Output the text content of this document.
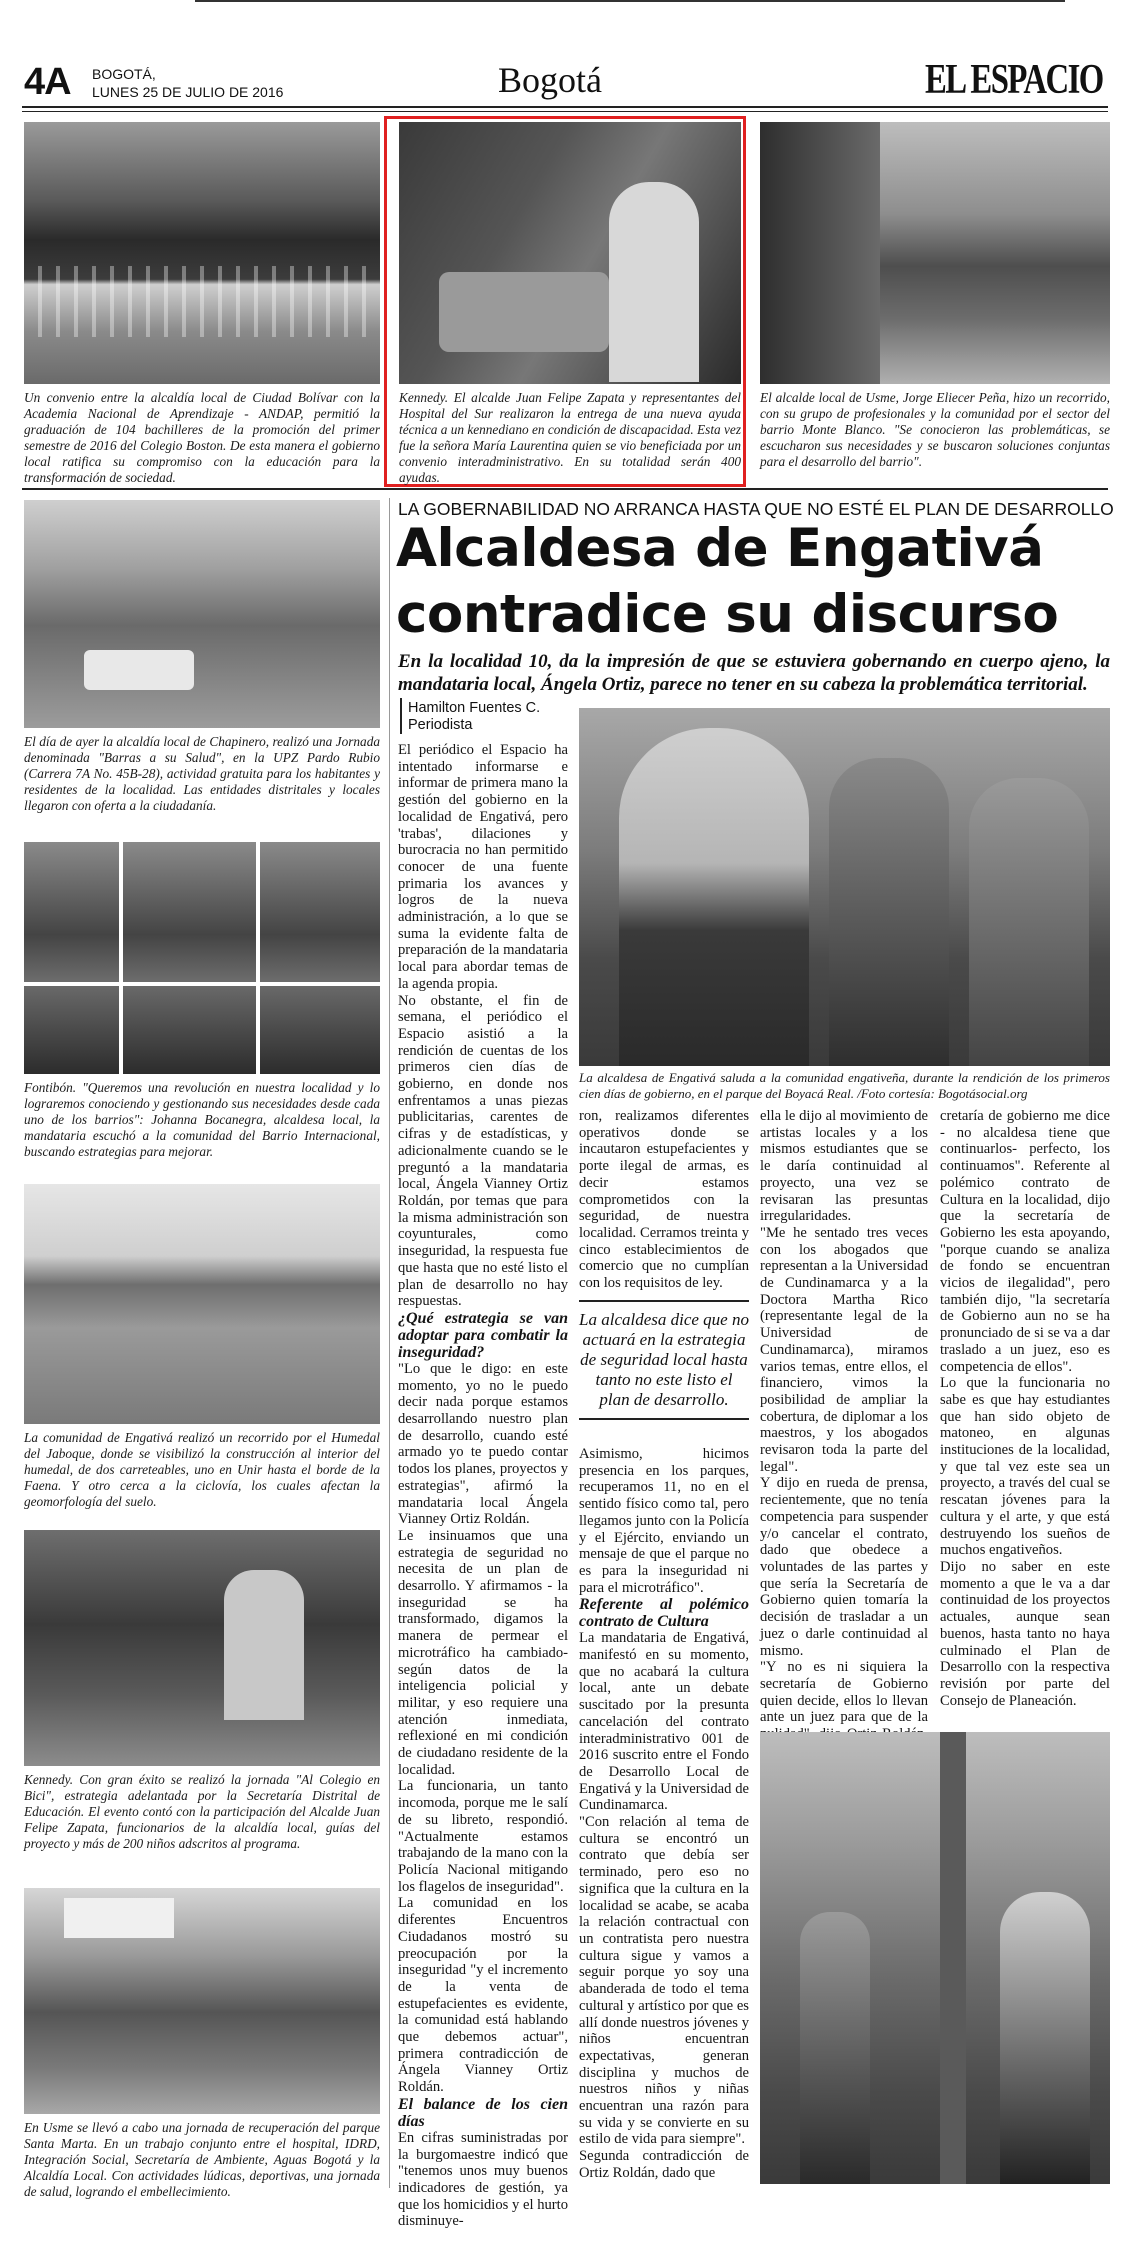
4A BOGOTÁ,
LUNES 25 DE JULIO DE 2016	Bogotá	EL ESPACIO

Un convenio entre la alcaldía local de Ciudad Bolívar con la Academia Nacional de Aprendizaje - ANDAP, permitió la graduación de 104 bachilleres de la promoción del primer semestre de 2016 del Colegio Boston. De esta manera el gobierno local ratifica su compromiso con la educación para la transformación de sociedad.

Kennedy. El alcalde Juan Felipe Zapata y representantes del Hospital del Sur realizaron la entrega de una nueva ayuda técnica a un kennediano en condición de discapacidad. Esta vez fue la señora María Laurentina quien se vio beneficiada por un convenio interadministrativo. En su totalidad serán 400 ayudas.

El alcalde local de Usme, Jorge Eliecer Peña, hizo un recorrido, con su grupo de profesionales y la comunidad por el sector del barrio Monte Blanco. "Se conocieron las problemáticas, se escucharon sus necesidades y se buscaron soluciones conjuntas para el desarrollo del barrio".

El día de ayer la alcaldía local de Chapinero, realizó una Jornada denominada "Barras a su Salud", en la UPZ Pardo Rubio (Carrera 7A No. 45B-28), actividad gratuita para los habitantes y residentes de la localidad. Las entidades distritales y locales llegaron con oferta a la ciudadanía.

Fontibón. "Queremos una revolución en nuestra localidad y lo lograremos conociendo y gestionando sus necesidades desde cada uno de los barrios": Johanna Bocanegra, alcaldesa local, la mandataria escuchó a la comunidad del Barrio Internacional, buscando estrategias para mejorar.

La comunidad de Engativá realizó un recorrido por el Humedal del Jaboque, donde se visibilizó la construcción al interior del humedal, de dos carreteables, uno en Unir hasta el borde de la Faena. Y otro cerca a la ciclovía, los cuales afectan la geomorfología del suelo.

Kennedy. Con gran éxito se realizó la jornada "Al Colegio en Bici", estrategia adelantada por la Secretaría Distrital de Educación. El evento contó con la participación del Alcalde Juan Felipe Zapata, funcionarios de la alcaldía local, guías del proyecto y más de 200 niños adscritos al programa.

En Usme se llevó a cabo una jornada de recuperación del parque Santa Marta. En un trabajo conjunto entre el hospital, IDRD, Integración Social, Secretaría de Ambiente, Aguas Bogotá y la Alcaldía Local. Con actividades lúdicas, deportivas, una jornada de salud, logrando el embellecimiento.

LA GOBERNABILIDAD NO ARRANCA HASTA QUE NO ESTÉ EL PLAN DE DESARROLLO
Alcaldesa de Engativá
contradice su discurso
En la localidad 10, da la impresión de que se estuviera gobernando en cuerpo ajeno, la mandataria local, Ángela Ortiz, parece no tener en su cabeza la problemática territorial.
Hamilton Fuentes C.
Periodista

La alcaldesa de Engativá saluda a la comunidad engativeña, durante la rendición de los primeros cien días de gobierno, en el parque del Boyacá Real. /Foto cortesía: Bogotásocial.org

El periódico el Espacio ha intentado informarse e informar de primera mano la gestión del gobierno en la localidad de Engativá, pero 'trabas', dilaciones y burocracia no han permitido conocer de una fuente primaria los avances y logros de la nueva administración, a lo que se suma la evidente falta de preparación de la mandataria local para abordar temas de la agenda propia.

No obstante, el fin de semana, el periódico el Espacio asistió a la rendición de cuentas de los primeros cien días de gobierno, en donde nos enfrentamos a unas piezas publicitarias, carentes de cifras y de estadísticas, y adicionalmente cuando se le preguntó a la mandataria local, Ángela Vianney Ortiz Roldán, por temas que para la misma administración son coyunturales, como inseguridad, la respuesta fue que hasta que no esté listo el plan de desarrollo no hay respuestas.

¿Qué estrategia se van adoptar para combatir la inseguridad?

"Lo que le digo: en este momento, yo no le puedo decir nada porque estamos desarrollando nuestro plan de desarrollo, cuando esté armado yo te puedo contar todos los planes, proyectos y estrategias", afirmó la mandataria local Ángela Vianney Ortiz Roldán.

Le insinuamos que una estrategia de seguridad no necesita de un plan de desarrollo. Y afirmamos - la inseguridad se ha transformado, digamos la manera de permear el microtráfico ha cambiado- según datos de la inteligencia policial y militar, y eso requiere una atención inmediata, reflexioné en mi condición de ciudadano residente de la localidad.

La funcionaria, un tanto incomoda, porque me le salí de su libreto, respondió. "Actualmente estamos trabajando de la mano con la Policía Nacional mitigando los flagelos de inseguridad".

La comunidad en los diferentes Encuentros Ciudadanos mostró su preocupación por la inseguridad "y el incremento de la venta de estupefacientes es evidente, la comunidad está hablando que debemos actuar", primera contradicción de Ángela Vianney Ortiz Roldán.

El balance de los cien días

En cifras suministradas por la burgomaestre indicó que "tenemos unos muy buenos indicadores de gestión, ya que los homicidios y el hurto disminuye-

ron, realizamos diferentes operativos donde se incautaron estupefacientes y porte ilegal de armas, es decir estamos comprometidos con la seguridad, de nuestra localidad. Cerramos treinta y cinco establecimientos de comercio que no cumplían con los requisitos de ley.

La alcaldesa dice que no actuará en la estrategia de seguridad local hasta tanto no este listo el plan de desarrollo.

Asimismo, hicimos presencia en los parques, recuperamos 11, no en el sentido físico como tal, pero llegamos junto con la Policía y el Ejército, enviando un mensaje de que el parque no es para la inseguridad ni para el microtráfico".

Referente al polémico contrato de Cultura

La mandataria de Engativá, manifestó en su momento, que no acabará la cultura local, ante un debate suscitado por la presunta cancelación del contrato interadministrativo 001 de 2016 suscrito entre el Fondo de Desarrollo Local de Engativá y la Universidad de Cundinamarca.

"Con relación al tema de cultura se encontró un contrato que debía ser terminado, pero eso no significa que la cultura en la localidad se acabe, se acaba la relación contractual con un contratista pero nuestra cultura sigue y vamos a seguir porque yo soy una abanderada de todo el tema cultural y artístico por que es allí donde nuestros jóvenes y niños encuentran expectativas, generan disciplina y muchos de nuestros niños y niñas encuentran una razón para su vida y se convierte en su estilo de vida para siempre".

Segunda contradicción de Ortiz Roldán, dado que

ella le dijo al movimiento de artistas locales y a los mismos estudiantes que se le daría continuidad al proyecto, una vez se revisaran las presuntas irregularidades.

"Me he sentado tres veces con los abogados que representan a la Universidad de Cundinamarca y a la Doctora Martha Rico (representante legal de la Universidad de Cundinamarca), miramos varios temas, entre ellos, el financiero, vimos la posibilidad de ampliar la cobertura, de diplomar a los maestros, y los abogados revisaron toda la parte del legal".

Y dijo en rueda de prensa, recientemente, que no tenía competencia para suspender y/o cancelar el contrato, dado que obedece a voluntades de las partes y que sería la Secretaría de Gobierno quien tomaría la decisión de trasladar a un juez o darle continuidad al mismo.

"Y no es ni siquiera la secretaría de Gobierno quien decide, ellos lo llevan ante un juez para que de la

cretaría de gobierno me dice - no alcaldesa tiene que continuarlos- perfecto, los continuamos". Referente al polémico contrato de Cultura en la localidad, dijo que la secretaría de Gobierno les esta apoyando, "porque cuando se analiza de fondo se encuentran vicios de ilegalidad", pero también dijo, "la secretaría de Gobierno aun no se ha pronunciado de si se va a dar traslado a un juez, eso es competencia de ellos".

Lo que la funcionaria no sabe es que hay estudiantes que han sido objeto de matoneo, en algunas instituciones de la localidad, y que tal vez este sea un proyecto, a través del cual se rescatan jóvenes para la cultura y el arte, y que está destruyendo los sueños de muchos engativeños.

Dijo no saber en este momento a que le va a dar continuidad de los proyectos actuales, aunque sean buenos, hasta tanto no haya culminado el Plan de Desarrollo con la respectiva revisión por parte del Consejo de Planeación.
